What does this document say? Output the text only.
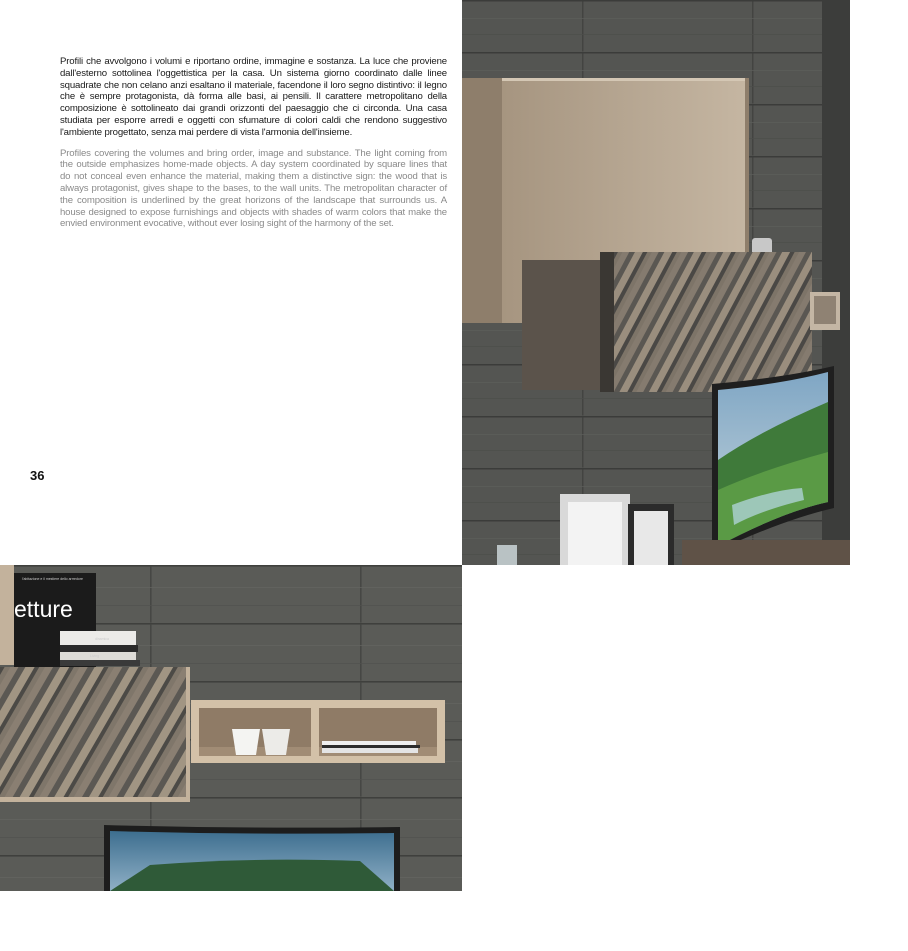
Profili che avvolgono i volumi e riportano ordine, immagine e sostanza. La luce che proviene dall'esterno sottolinea l'oggettistica per la casa. Un sistema giorno coordinato dalle linee squadrate che non celano anzi esaltano il materiale, facendone il loro segno distintivo: il legno che è sempre protagonista, dà forma alle basi, ai pensili. Il carattere metropolitano della composizione è sottolineato dai grandi orizzonti del paesaggio che ci circonda. Una casa studiata per esporre arredi e oggetti con sfumature di colori caldi che rendono suggestivo l'ambiente progettato, senza mai perdere di vista l'armonia dell'insieme.

Profiles covering the volumes and bring order, image and substance. The light coming from the outside emphasizes home-made objects. A day system coordinated by square lines that do not conceal even enhance the material, making them a distinctive sign: the wood that is always protagonist, gives shape to the bases, to the wall units. The metropolitan character of the composition is underlined by the great horizons of the landscape that surrounds us. A house designed to expose furnishings and objects with shades of warm colors that make the envied environment evocative, without ever losing sight of the harmony of the set.

36
l'abitazione e il mestiere dello arrredore
etture
dinamica
Living
